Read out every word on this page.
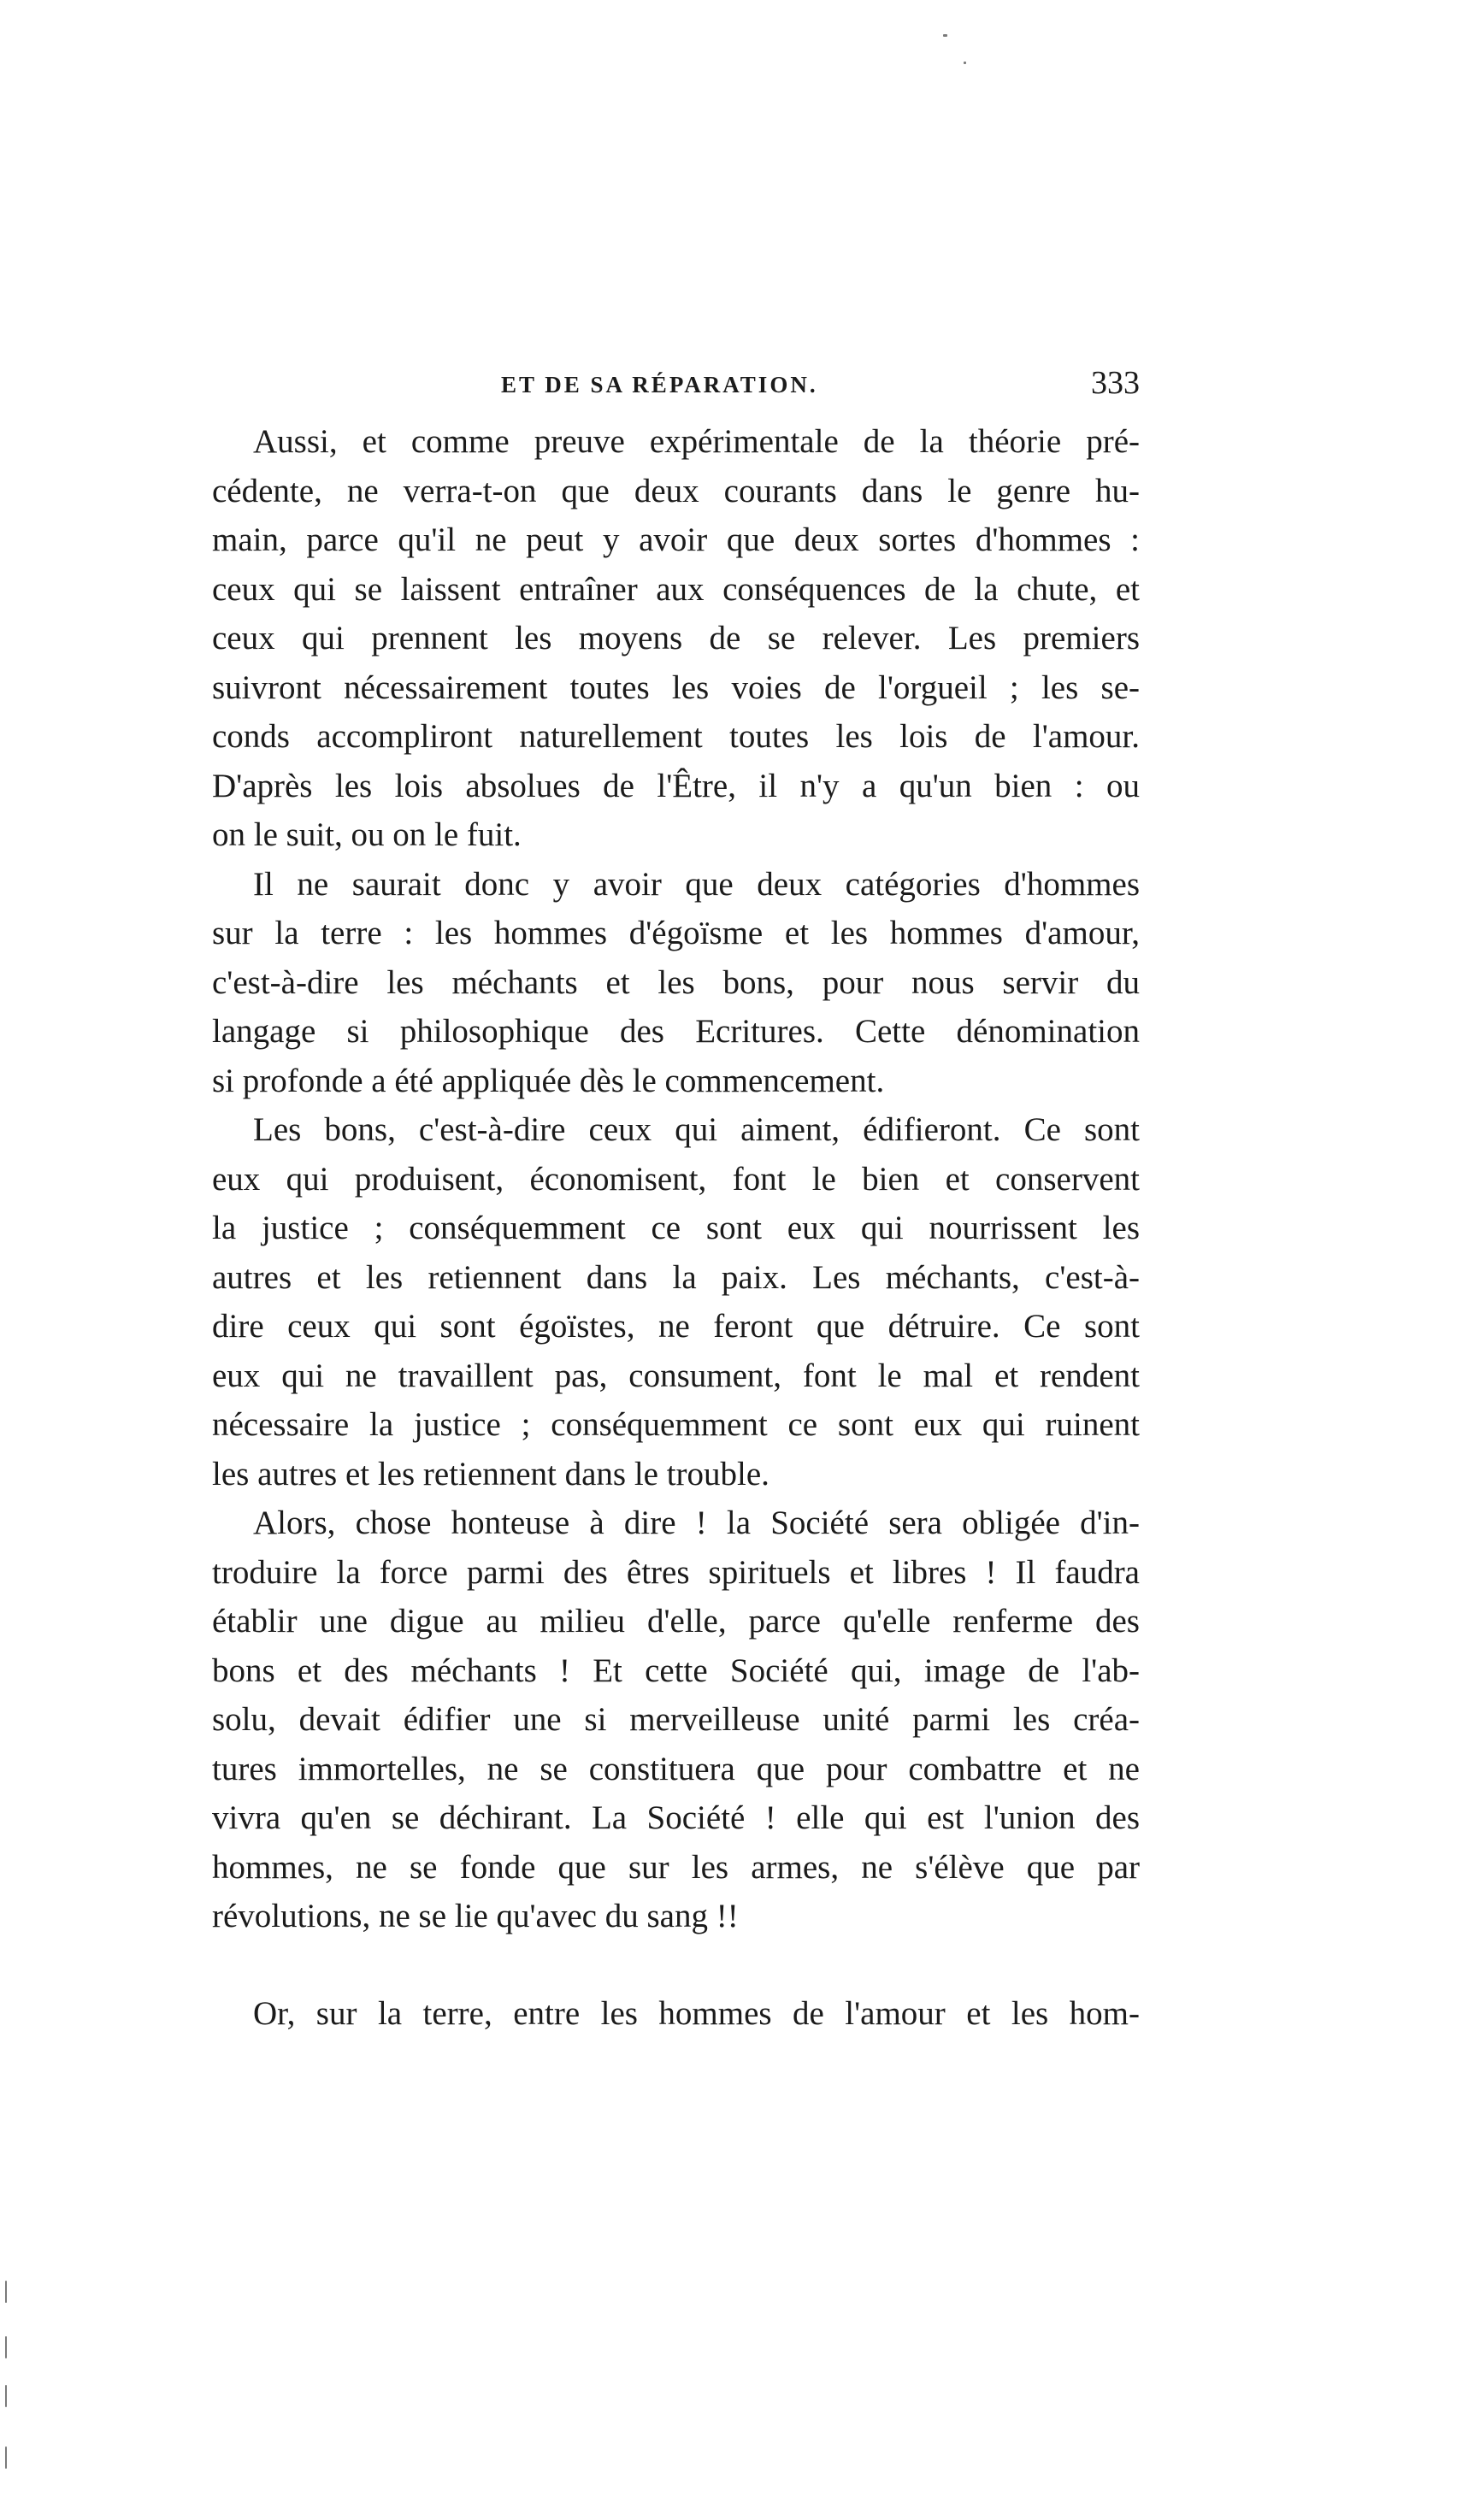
ET DE SA RÉPARATION.	333
Aussi, et comme preuve expérimentale de la théorie pré-
cédente, ne verra-t-on que deux courants dans le genre hu-
main, parce qu'il ne peut y avoir que deux sortes d'hommes :
ceux qui se laissent entraîner aux conséquences de la chute, et
ceux qui prennent les moyens de se relever. Les premiers
suivront nécessairement toutes les voies de l'orgueil ; les se-
conds accompliront naturellement toutes les lois de l'amour.
D'après les lois absolues de l'Être, il n'y a qu'un bien : ou
on le suit, ou on le fuit.
Il ne saurait donc y avoir que deux catégories d'hommes
sur la terre : les hommes d'égoïsme et les hommes d'amour,
c'est-à-dire les méchants et les bons, pour nous servir du
langage si philosophique des Ecritures. Cette dénomination
si profonde a été appliquée dès le commencement.
Les bons, c'est-à-dire ceux qui aiment, édifieront. Ce sont
eux qui produisent, économisent, font le bien et conservent
la justice ; conséquemment ce sont eux qui nourrissent les
autres et les retiennent dans la paix. Les méchants, c'est-à-
dire ceux qui sont égoïstes, ne feront que détruire. Ce sont
eux qui ne travaillent pas, consument, font le mal et rendent
nécessaire la justice ; conséquemment ce sont eux qui ruinent
les autres et les retiennent dans le trouble.
Alors, chose honteuse à dire ! la Société sera obligée d'in-
troduire la force parmi des êtres spirituels et libres ! Il faudra
établir une digue au milieu d'elle, parce qu'elle renferme des
bons et des méchants ! Et cette Société qui, image de l'ab-
solu, devait édifier une si merveilleuse unité parmi les créa-
tures immortelles, ne se constituera que pour combattre et ne
vivra qu'en se déchirant. La Société ! elle qui est l'union des
hommes, ne se fonde que sur les armes, ne s'élève que par
révolutions, ne se lie qu'avec du sang !!
Or, sur la terre, entre les hommes de l'amour et les hom-
